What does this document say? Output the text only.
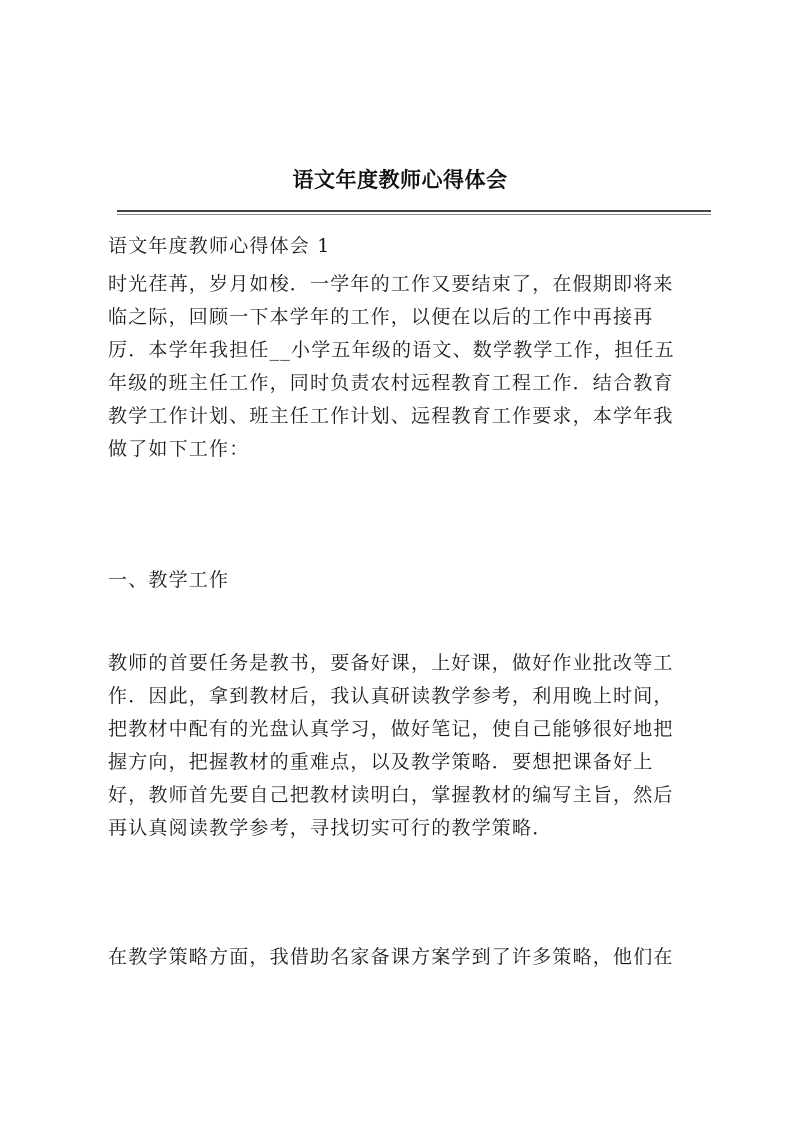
语文年度教师心得体会
语文年度教师心得体会 1
时光荏苒，岁月如梭．一学年的工作又要结束了，在假期即将来
临之际，回顾一下本学年的工作，以便在以后的工作中再接再
厉．本学年我担任__小学五年级的语文、数学教学工作，担任五
年级的班主任工作，同时负责农村远程教育工程工作．结合教育
教学工作计划、班主任工作计划、远程教育工作要求，本学年我
做了如下工作：
一、教学工作
教师的首要任务是教书，要备好课，上好课，做好作业批改等工
作．因此，拿到教材后，我认真研读教学参考，利用晚上时间，
把教材中配有的光盘认真学习，做好笔记，使自己能够很好地把
握方向，把握教材的重难点，以及教学策略．要想把课备好上
好，教师首先要自己把教材读明白，掌握教材的编写主旨，然后
再认真阅读教学参考，寻找切实可行的教学策略．
在教学策略方面，我借助名家备课方案学到了许多策略，他们在
